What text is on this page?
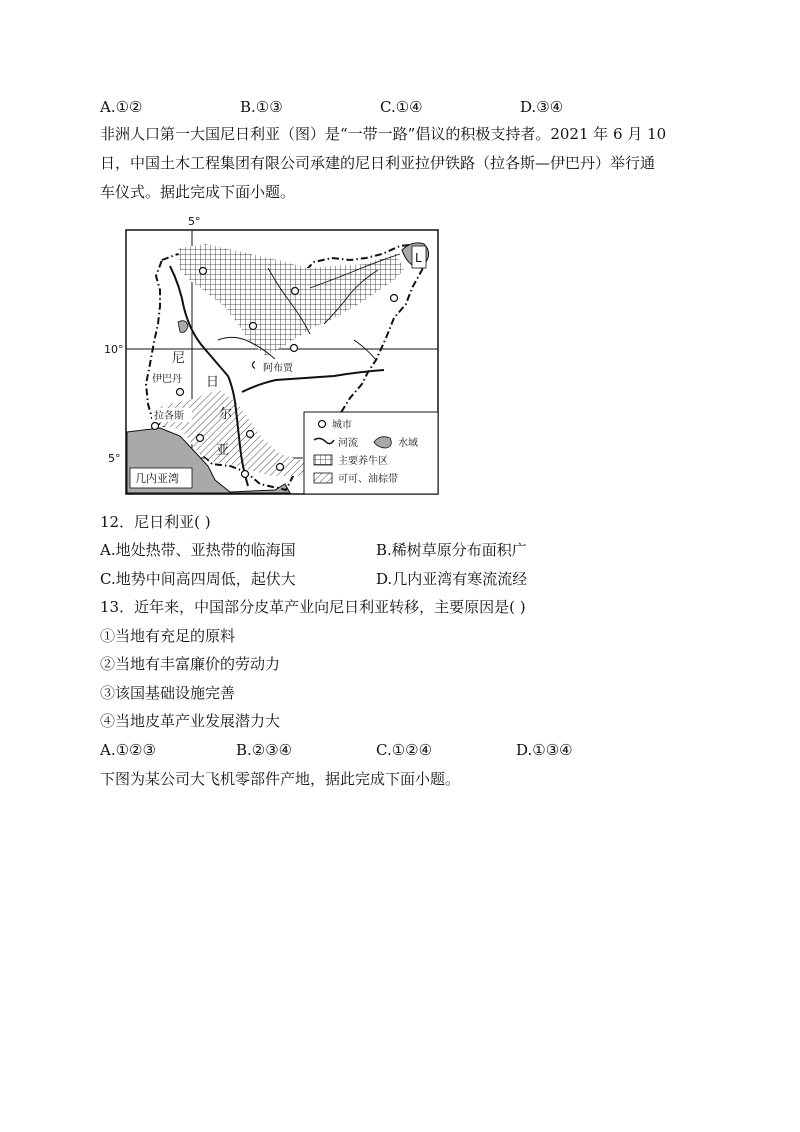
A.①②	B.①③	C.①④	D.③④
非洲人口第一大国尼日利亚（图）是“一带一路”倡议的积极支持者。2021 年 6 月 10
日，中国土木工程集团有限公司承建的尼日利亚拉伊铁路（拉各斯—伊巴丹）举行通
车仪式。据此完成下面小题。
5°
10°
5°
几内亚湾
L
阿布贾
伊巴丹
拉各斯
尼
日
尔
亚
城市
河流	水域
主要养牛区
可可、油棕带
12．尼日利亚( )
A.地处热带、亚热带的临海国	B.稀树草原分布面积广
C.地势中间高四周低，起伏大	D.几内亚湾有寒流流经
13．近年来，中国部分皮革产业向尼日利亚转移，主要原因是( )
①当地有充足的原料
②当地有丰富廉价的劳动力
③该国基础设施完善
④当地皮革产业发展潜力大
A.①②③	B.②③④	C.①②④	D.①③④
下图为某公司大飞机零部件产地，据此完成下面小题。
